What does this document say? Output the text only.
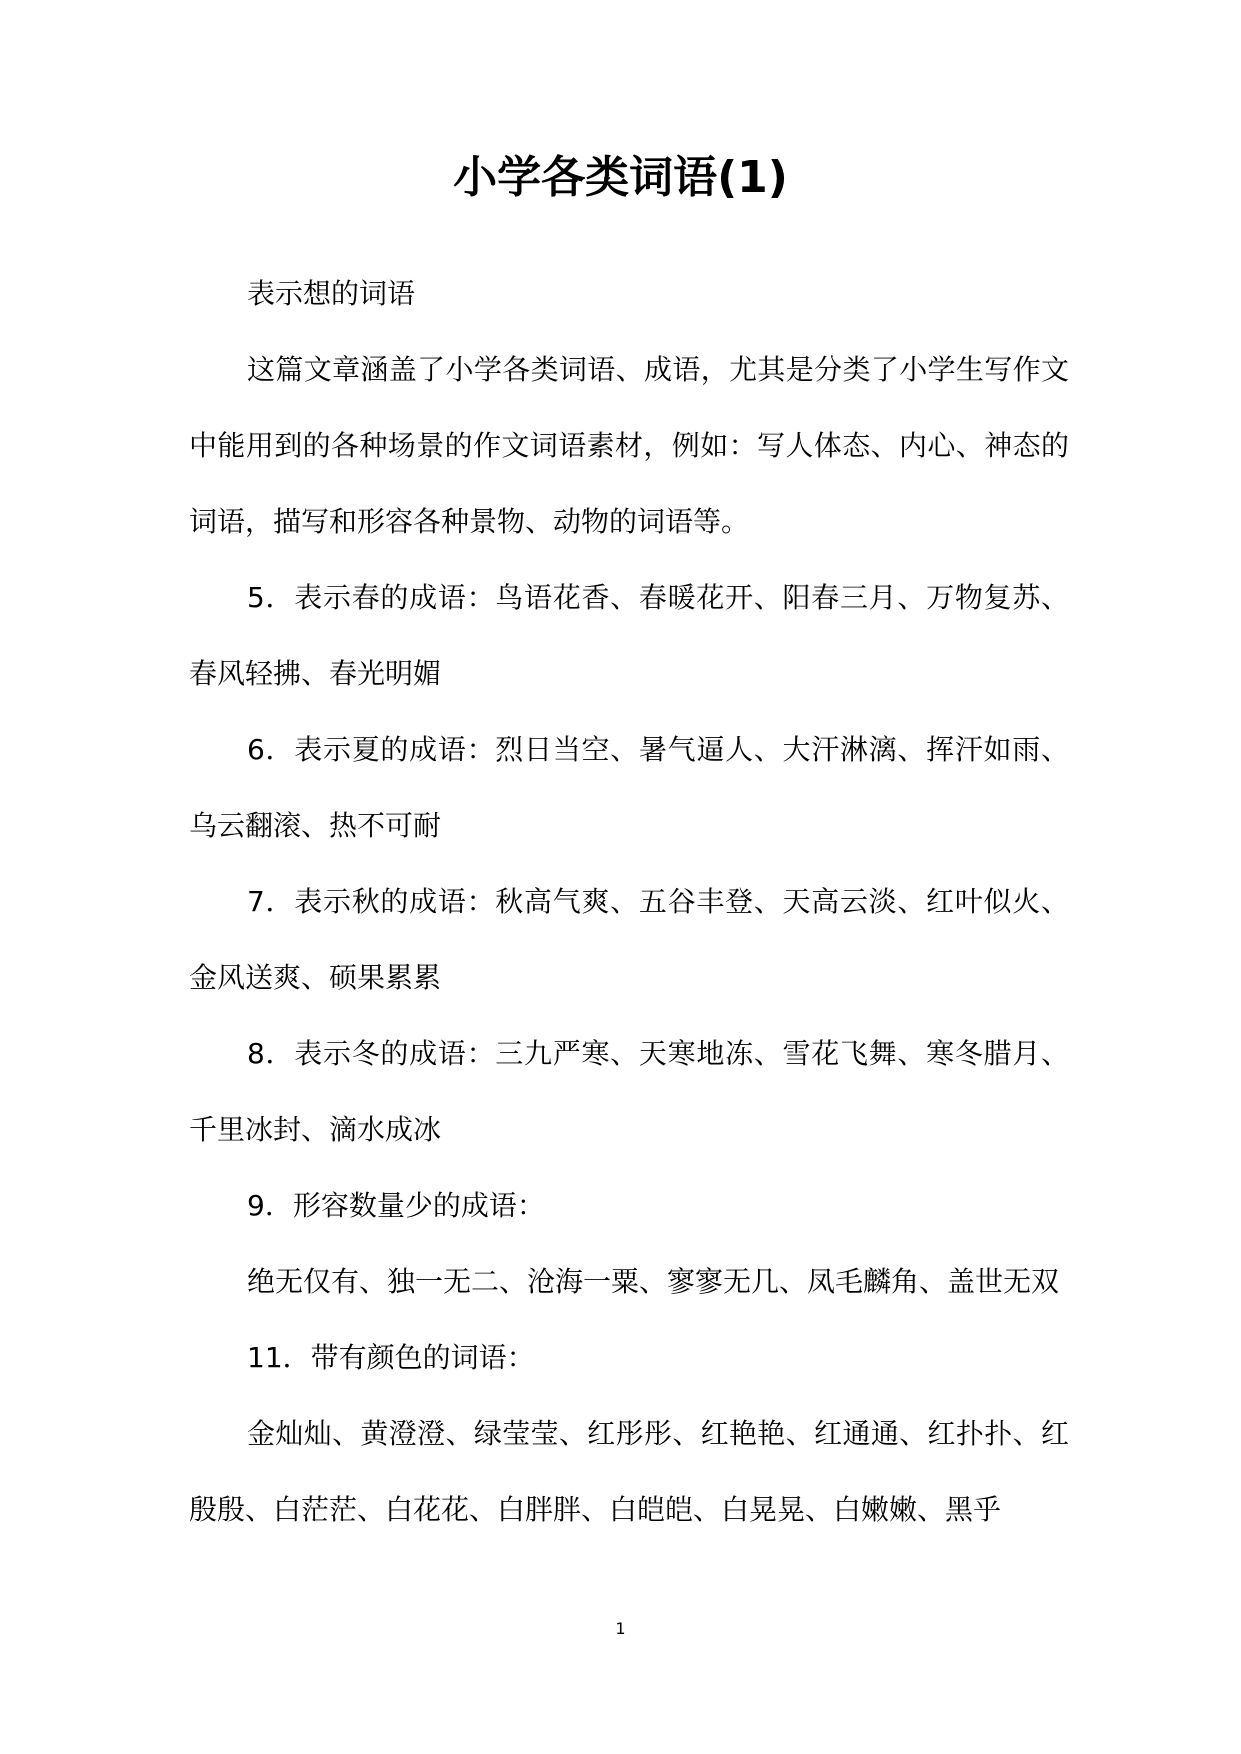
小学各类词语(1)

表示想的词语

这篇文章涵盖了小学各类词语、成语，尤其是分类了小学生写作文中能用到的各种场景的作文词语素材，例如：写人体态、内心、神态的词语，描写和形容各种景物、动物的词语等。

5．表示春的成语：鸟语花香、春暖花开、阳春三月、万物复苏、春风轻拂、春光明媚

6．表示夏的成语：烈日当空、暑气逼人、大汗淋漓、挥汗如雨、乌云翻滚、热不可耐

7．表示秋的成语：秋高气爽、五谷丰登、天高云淡、红叶似火、金风送爽、硕果累累

8．表示冬的成语：三九严寒、天寒地冻、雪花飞舞、寒冬腊月、千里冰封、滴水成冰

9．形容数量少的成语：

绝无仅有、独一无二、沧海一粟、寥寥无几、凤毛麟角、盖世无双

11．带有颜色的词语：

金灿灿、黄澄澄、绿莹莹、红彤彤、红艳艳、红通通、红扑扑、红殷殷、白茫茫、白花花、白胖胖、白皑皑、白晃晃、白嫩嫩、黑乎

1
